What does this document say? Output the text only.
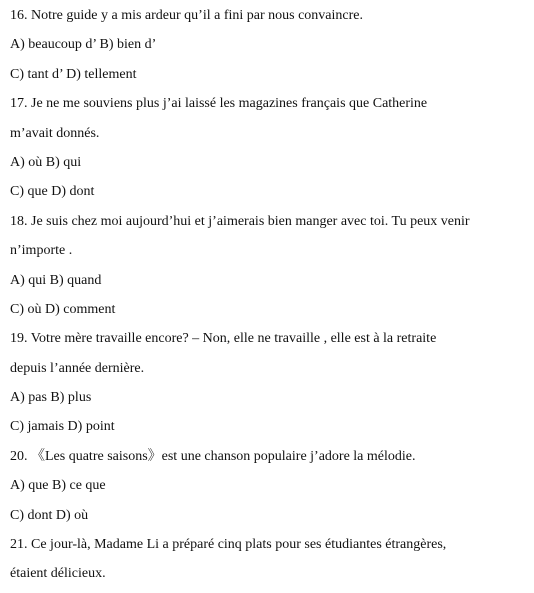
16. Notre guide y a mis ardeur qu’il a fini par nous convaincre.
A) beaucoup d’ B) bien d’
C) tant d’ D) tellement
17. Je ne me souviens plus j’ai laissé les magazines français que Catherine
m’avait donnés.
A) où B) qui
C) que D) dont
18. Je suis chez moi aujourd’hui et j’aimerais bien manger avec toi. Tu peux venir
n’importe .
A) qui B) quand
C) où D) comment
19. Votre mère travaille encore? – Non, elle ne travaille , elle est à la retraite
depuis l’année dernière.
A) pas B) plus
C) jamais D) point
20. 《Les quatre saisons》est une chanson populaire j’adore la mélodie.
A) que B) ce que
C) dont D) où
21. Ce jour-là, Madame Li a préparé cinq plats pour ses étudiantes étrangères,
étaient délicieux.
